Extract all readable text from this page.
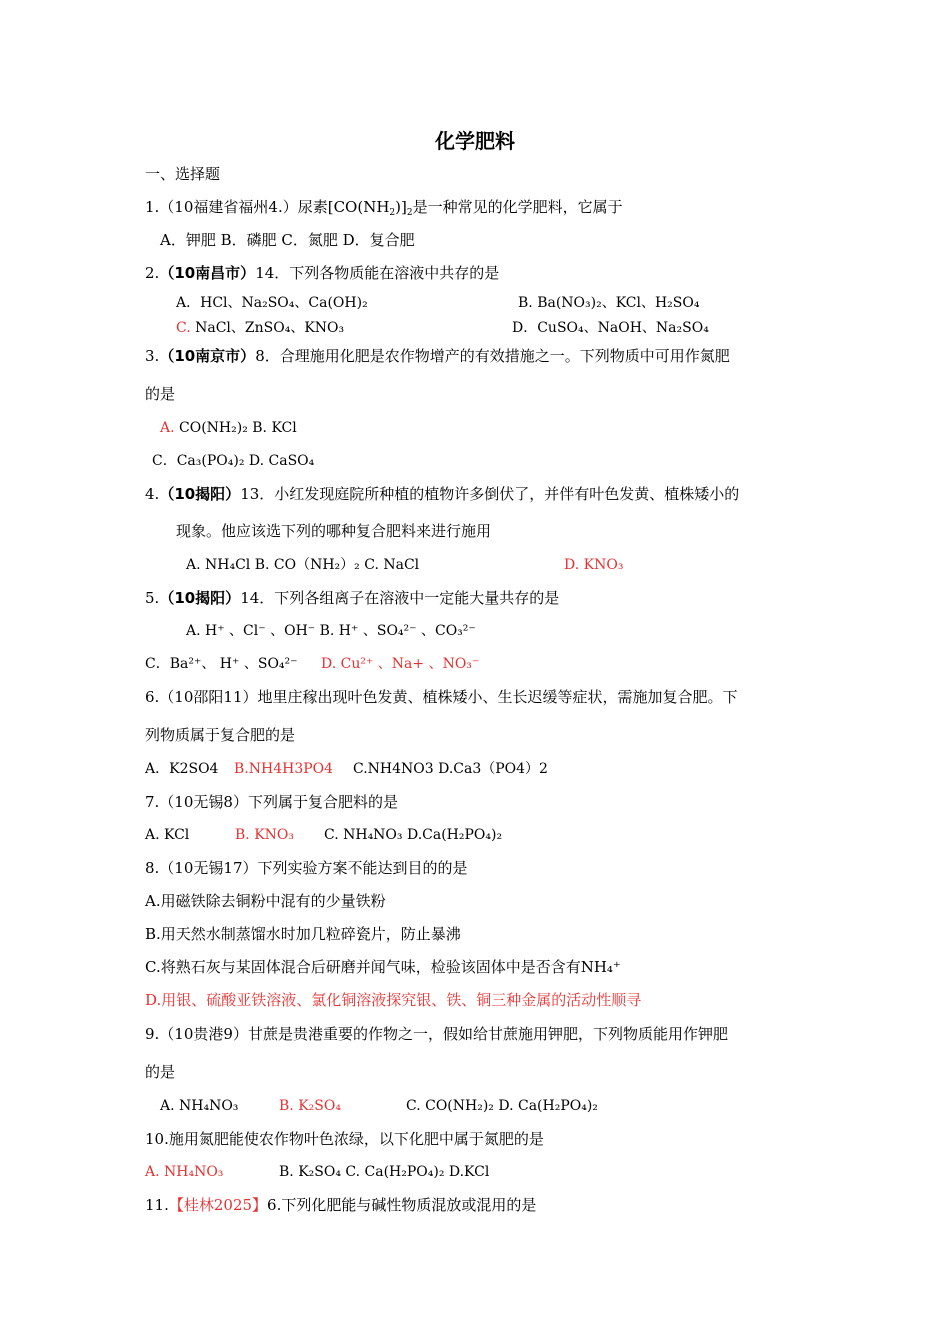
化学肥料
一、选择题
1.（10福建省福州4.）尿素$[CO(NH_2)]_2$是一种常见的化学肥料，它属于
A．钾肥 B．磷肥 C．氮肥 D．复合肥
2.（10南昌市）14．下列各物质能在溶液中共存的是
A．HCl、Na₂SO₄、Ca(OH)₂	B. Ba(NO₃)₂、KCl、H₂SO₄
C. NaCl、ZnSO₄、KNO₃	D．CuSO₄、NaOH、Na₂SO₄
3.（10南京市）8．合理施用化肥是农作物增产的有效措施之一。下列物质中可用作氮肥
的是
A. CO(NH₂)₂ B. KCl
C．Ca₃(PO₄)₂ D. CaSO₄
4.（10揭阳）13．小红发现庭院所种植的植物许多倒伏了，并伴有叶色发黄、植株矮小的
现象。他应该选下列的哪种复合肥料来进行施用
A. NH₄Cl B. CO（NH₂）₂ C. NaCl	D. KNO₃
5.（10揭阳）14．下列各组离子在溶液中一定能大量共存的是
A. H⁺ 、Cl⁻ 、OH⁻ B. H⁺ 、SO₄²⁻ 、CO₃²⁻
C．Ba²⁺、 H⁺ 、SO₄²⁻ D. Cu²⁺ 、Na+ 、NO₃⁻
6.（10邵阳11）地里庄稼出现叶色发黄、植株矮小、生长迟缓等症状，需施加复合肥。下
列物质属于复合肥的是
A．K2SO4 B.NH4H3PO4 C.NH4NO3 D.Ca3（PO4）2
7.（10无锡8）下列属于复合肥料的是
A. KCl	B. KNO₃ C. NH₄NO₃ D.Ca(H₂PO₄)₂
8.（10无锡17）下列实验方案不能达到目的的是
A.用磁铁除去铜粉中混有的少量铁粉
B.用天然水制蒸馏水时加几粒碎瓷片，防止暴沸
C.将熟石灰与某固体混合后研磨并闻气味，检验该固体中是否含有NH₄⁺
D.用银、硫酸亚铁溶液、氯化铜溶液探究银、铁、铜三种金属的活动性顺寻
9.（10贵港9）甘蔗是贵港重要的作物之一，假如给甘蔗施用钾肥，下列物质能用作钾肥
的是
A. NH₄NO₃	B. K₂SO₄	C. CO(NH₂)₂ D. Ca(H₂PO₄)₂
10.施用氮肥能使农作物叶色浓绿，以下化肥中属于氮肥的是
A. NH₄NO₃	B. K₂SO₄ C. Ca(H₂PO₄)₂ D.KCl
11.【桂林2025】6.下列化肥能与碱性物质混放或混用的是
